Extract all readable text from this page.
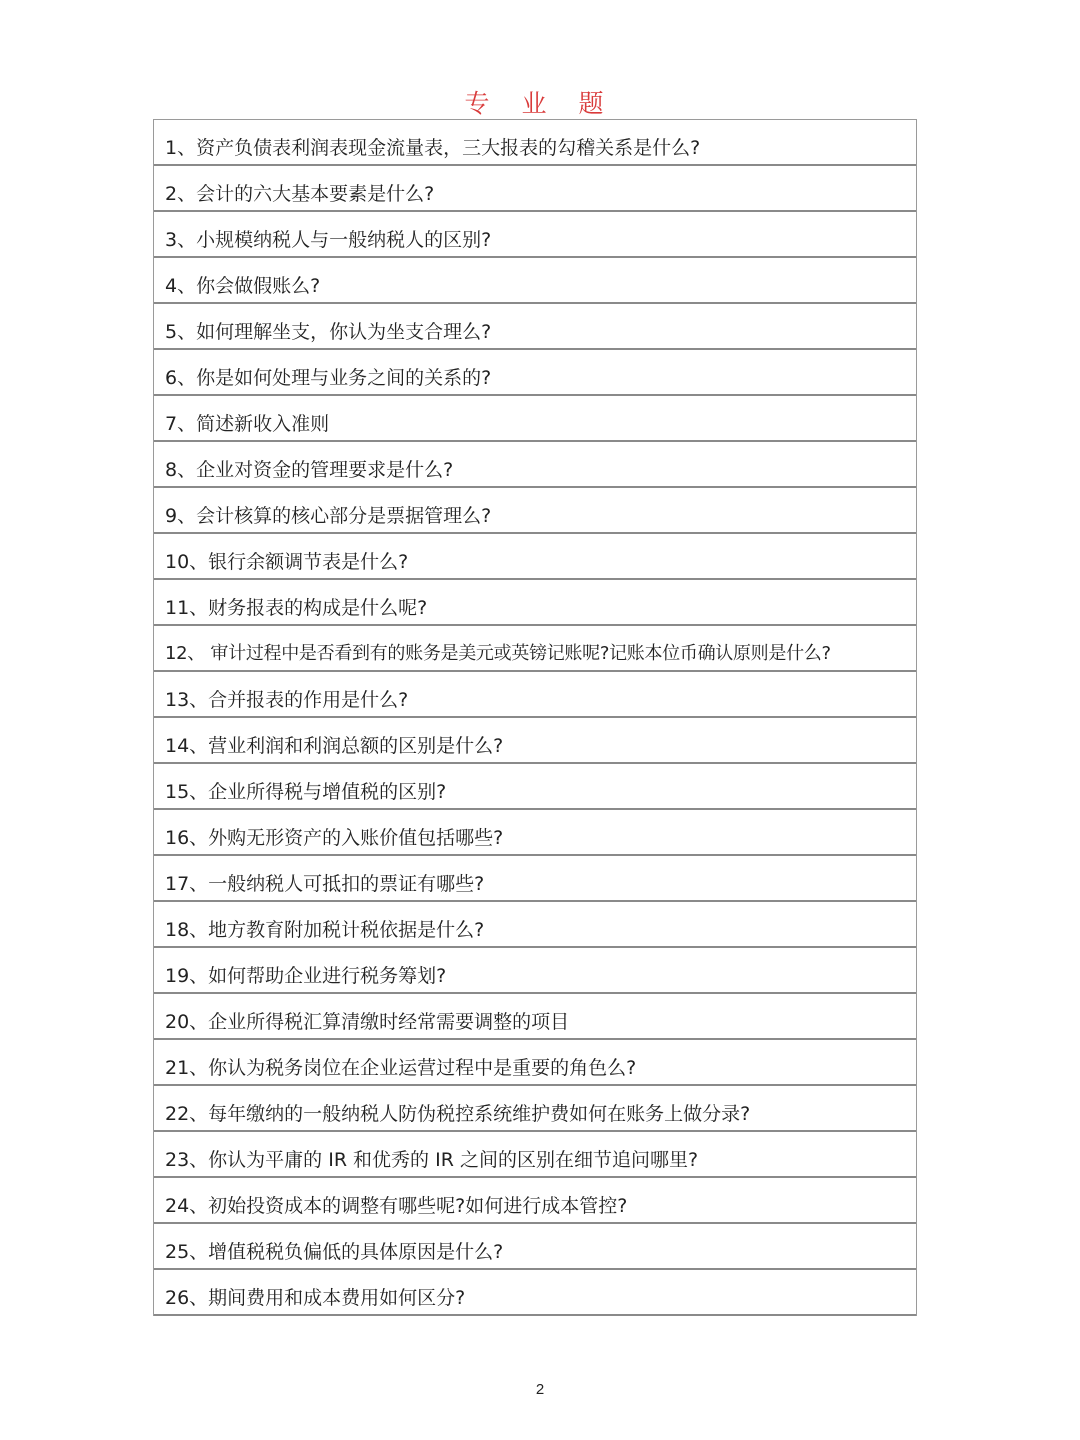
专 业 题
1、资产负债表利润表现金流量表，三大报表的勾稽关系是什么?
2、会计的六大基本要素是什么?
3、小规模纳税人与一般纳税人的区别?
4、你会做假账么?
5、如何理解坐支，你认为坐支合理么?
6、你是如何处理与业务之间的关系的?
7、简述新收入准则
8、企业对资金的管理要求是什么?
9、会计核算的核心部分是票据管理么?
10、银行余额调节表是什么?
11、财务报表的构成是什么呢?
12、 审计过程中是否看到有的账务是美元或英镑记账呢?记账本位币确认原则是什么?
13、合并报表的作用是什么?
14、营业利润和利润总额的区别是什么?
15、企业所得税与增值税的区别?
16、外购无形资产的入账价值包括哪些?
17、一般纳税人可抵扣的票证有哪些?
18、地方教育附加税计税依据是什么?
19、如何帮助企业进行税务筹划?
20、企业所得税汇算清缴时经常需要调整的项目
21、你认为税务岗位在企业运营过程中是重要的角色么?
22、每年缴纳的一般纳税人防伪税控系统维护费如何在账务上做分录?
23、你认为平庸的 IR 和优秀的 IR 之间的区别在细节追问哪里?
24、初始投资成本的调整有哪些呢?如何进行成本管控?
25、增值税税负偏低的具体原因是什么?
26、期间费用和成本费用如何区分?
2
